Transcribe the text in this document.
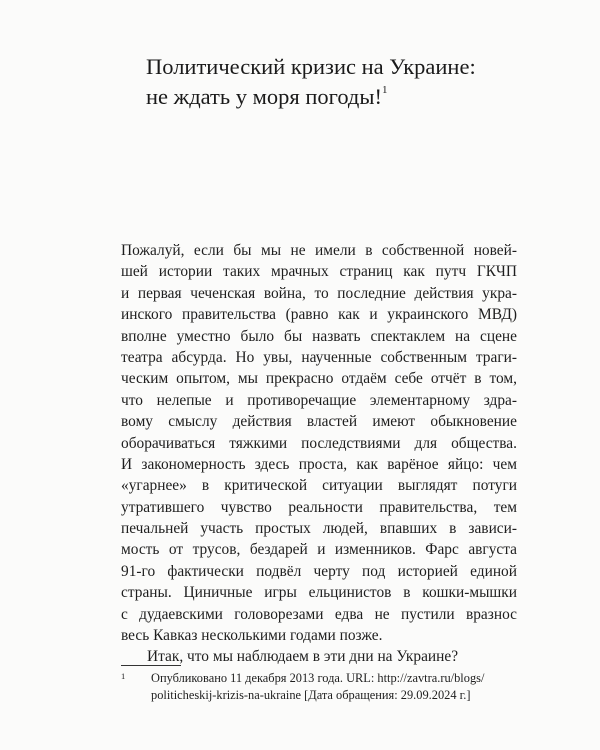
Политический кризис на Украине:
не ждать у моря погоды!$^1$
Пожалуй, если бы мы не имели в собственной новей-
шей истории таких мрачных страниц как путч ГКЧП
и первая чеченская война, то последние действия укра-
инского правительства (равно как и украинского МВД)
вполне уместно было бы назвать спектаклем на сцене
театра абсурда. Но увы, наученные собственным траги-
ческим опытом, мы прекрасно отдаём себе отчёт в том,
что нелепые и противоречащие элементарному здра-
вому смыслу действия властей имеют обыкновение
оборачиваться тяжкими последствиями для общества.
И закономерность здесь проста, как варёное яйцо: чем
«угарнее» в критической ситуации выглядят потуги
утратившего чувство реальности правительства, тем
печальней участь простых людей, впавших в зависи-
мость от трусов, бездарей и изменников. Фарс августа
91-го фактически подвёл черту под историей единой
страны. Циничные игры ельцинистов в кошки-мышки
с дудаевскими головорезами едва не пустили вразнос
весь Кавказ несколькими годами позже.
Итак, что мы наблюдаем в эти дни на Украине?
1	Опубликовано 11 декабря 2013 года. URL: http://zavtra.ru/blogs/
politicheskij-krizis-na-ukraine [Дата обращения: 29.09.2024 г.]
